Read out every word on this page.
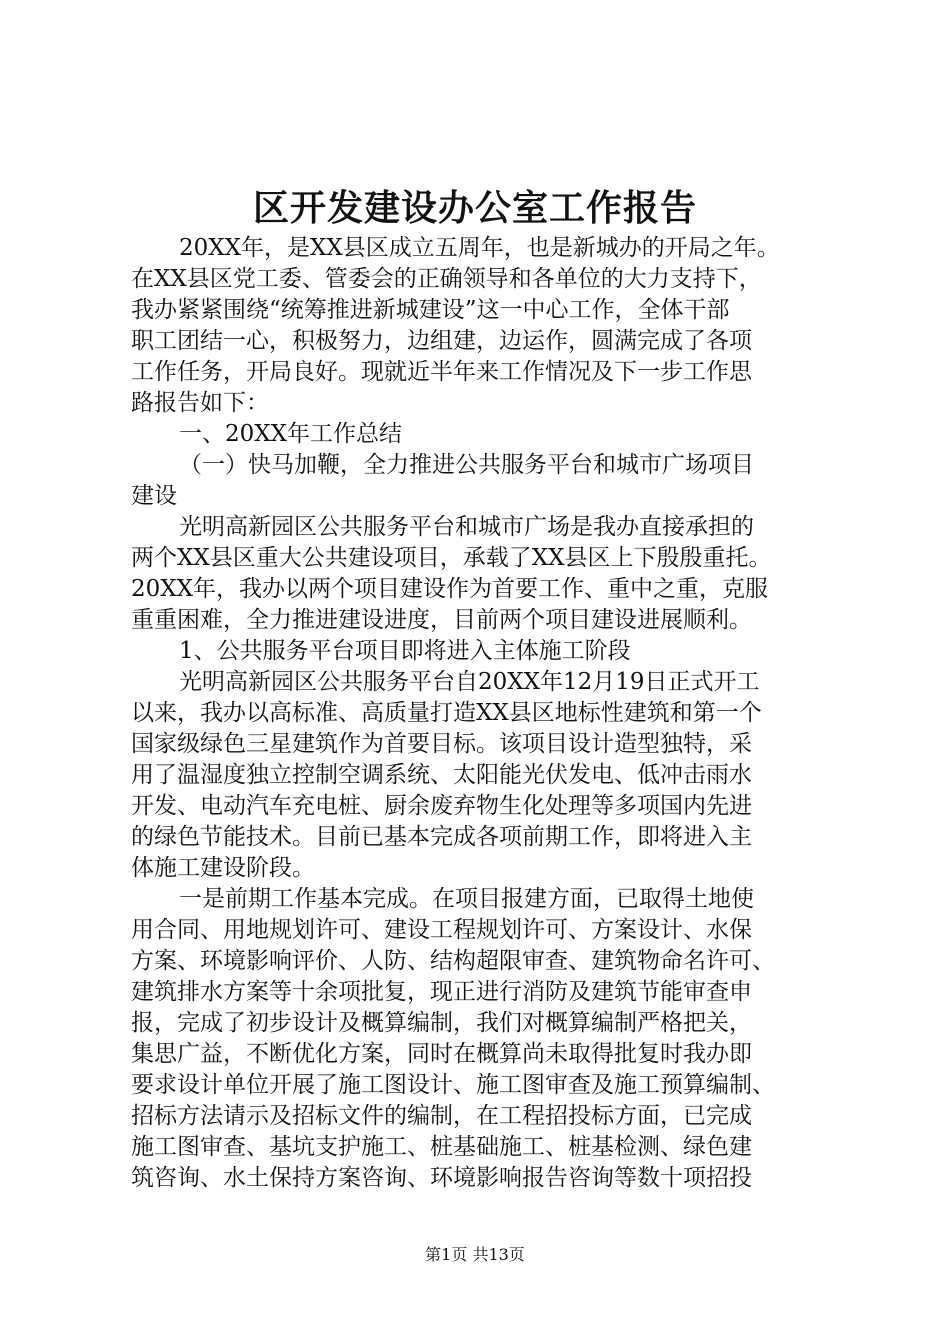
区开发建设办公室工作报告
20XX年，是XX县区成立五周年，也是新城办的开局之年。
在XX县区党工委、管委会的正确领导和各单位的大力支持下，
我办紧紧围绕“统筹推进新城建设”这一中心工作，全体干部
职工团结一心，积极努力，边组建，边运作，圆满完成了各项
工作任务，开局良好。现就近半年来工作情况及下一步工作思
路报告如下：
一、20XX年工作总结
（一）快马加鞭，全力推进公共服务平台和城市广场项目
建设
光明高新园区公共服务平台和城市广场是我办直接承担的
两个XX县区重大公共建设项目，承载了XX县区上下殷殷重托。
20XX年，我办以两个项目建设作为首要工作、重中之重，克服
重重困难，全力推进建设进度，目前两个项目建设进展顺利。
1、公共服务平台项目即将进入主体施工阶段
光明高新园区公共服务平台自20XX年12月19日正式开工
以来，我办以高标准、高质量打造XX县区地标性建筑和第一个
国家级绿色三星建筑作为首要目标。该项目设计造型独特，采
用了温湿度独立控制空调系统、太阳能光伏发电、低冲击雨水
开发、电动汽车充电桩、厨余废弃物生化处理等多项国内先进
的绿色节能技术。目前已基本完成各项前期工作，即将进入主
体施工建设阶段。
一是前期工作基本完成。在项目报建方面，已取得土地使
用合同、用地规划许可、建设工程规划许可、方案设计、水保
方案、环境影响评价、人防、结构超限审查、建筑物命名许可、
建筑排水方案等十余项批复，现正进行消防及建筑节能审查申
报，完成了初步设计及概算编制，我们对概算编制严格把关，
集思广益，不断优化方案，同时在概算尚未取得批复时我办即
要求设计单位开展了施工图设计、施工图审查及施工预算编制、
招标方法请示及招标文件的编制，在工程招投标方面，已完成
施工图审查、基坑支护施工、桩基础施工、桩基检测、绿色建
筑咨询、水土保持方案咨询、环境影响报告咨询等数十项招投
第1页 共13页
